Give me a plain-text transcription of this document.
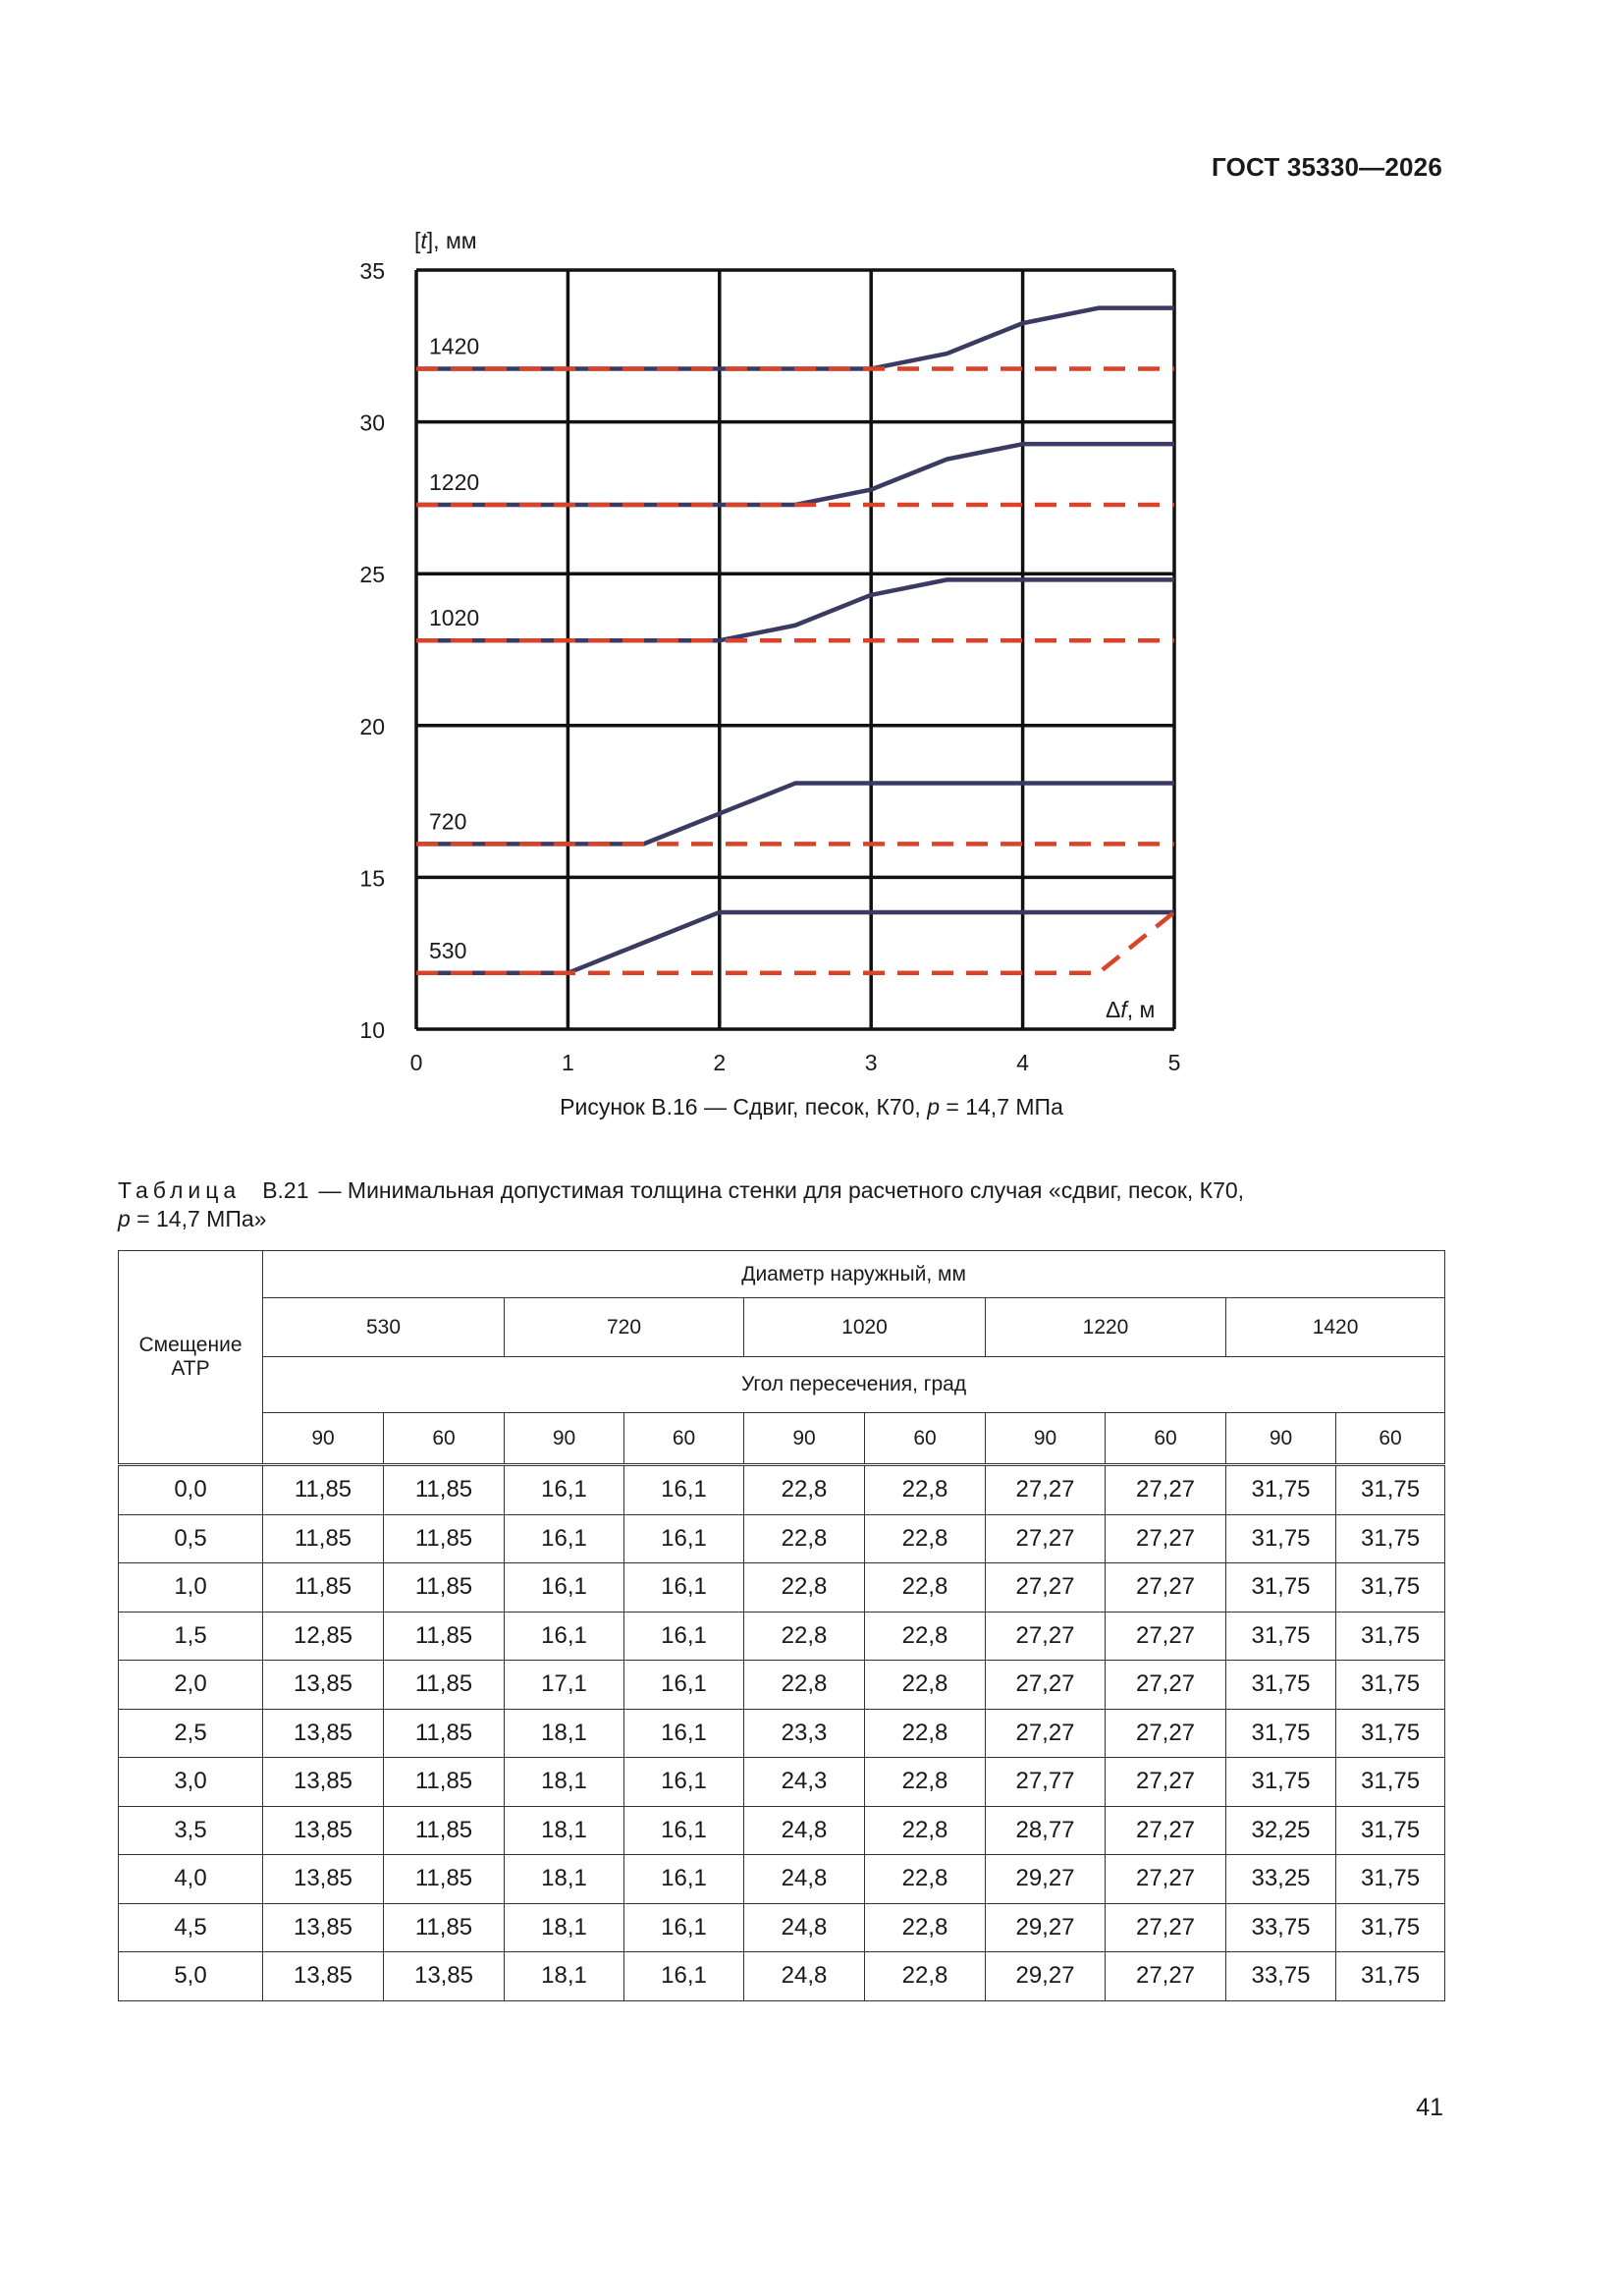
ГОСТ 35330—2026
530
720
1020
1220
1420
0	1	2	3	4	5
10
15
20
25
30
35
[t], мм
Δf, м
Рисунок В.16 — Сдвиг, песок, К70, p = 14,7 МПа
Таблица В.21 — Минимальная допустимая толщина стенки для расчетного случая «сдвиг, песок, К70,
p = 14,7 МПа»
Смещение АТР	Диаметр наружный, мм									
	530		720		1020		1220		1420	
	Угол пересечения, град									
	90	60	90	60	90	60	90	60	90	60
0,0	11,85	11,85	16,1	16,1	22,8	22,8	27,27	27,27	31,75	31,75
0,5	11,85	11,85	16,1	16,1	22,8	22,8	27,27	27,27	31,75	31,75
1,0	11,85	11,85	16,1	16,1	22,8	22,8	27,27	27,27	31,75	31,75
1,5	12,85	11,85	16,1	16,1	22,8	22,8	27,27	27,27	31,75	31,75
2,0	13,85	11,85	17,1	16,1	22,8	22,8	27,27	27,27	31,75	31,75
2,5	13,85	11,85	18,1	16,1	23,3	22,8	27,27	27,27	31,75	31,75
3,0	13,85	11,85	18,1	16,1	24,3	22,8	27,77	27,27	31,75	31,75
3,5	13,85	11,85	18,1	16,1	24,8	22,8	28,77	27,27	32,25	31,75
4,0	13,85	11,85	18,1	16,1	24,8	22,8	29,27	27,27	33,25	31,75
4,5	13,85	11,85	18,1	16,1	24,8	22,8	29,27	27,27	33,75	31,75
5,0	13,85	13,85	18,1	16,1	24,8	22,8	29,27	27,27	33,75	31,75
41
